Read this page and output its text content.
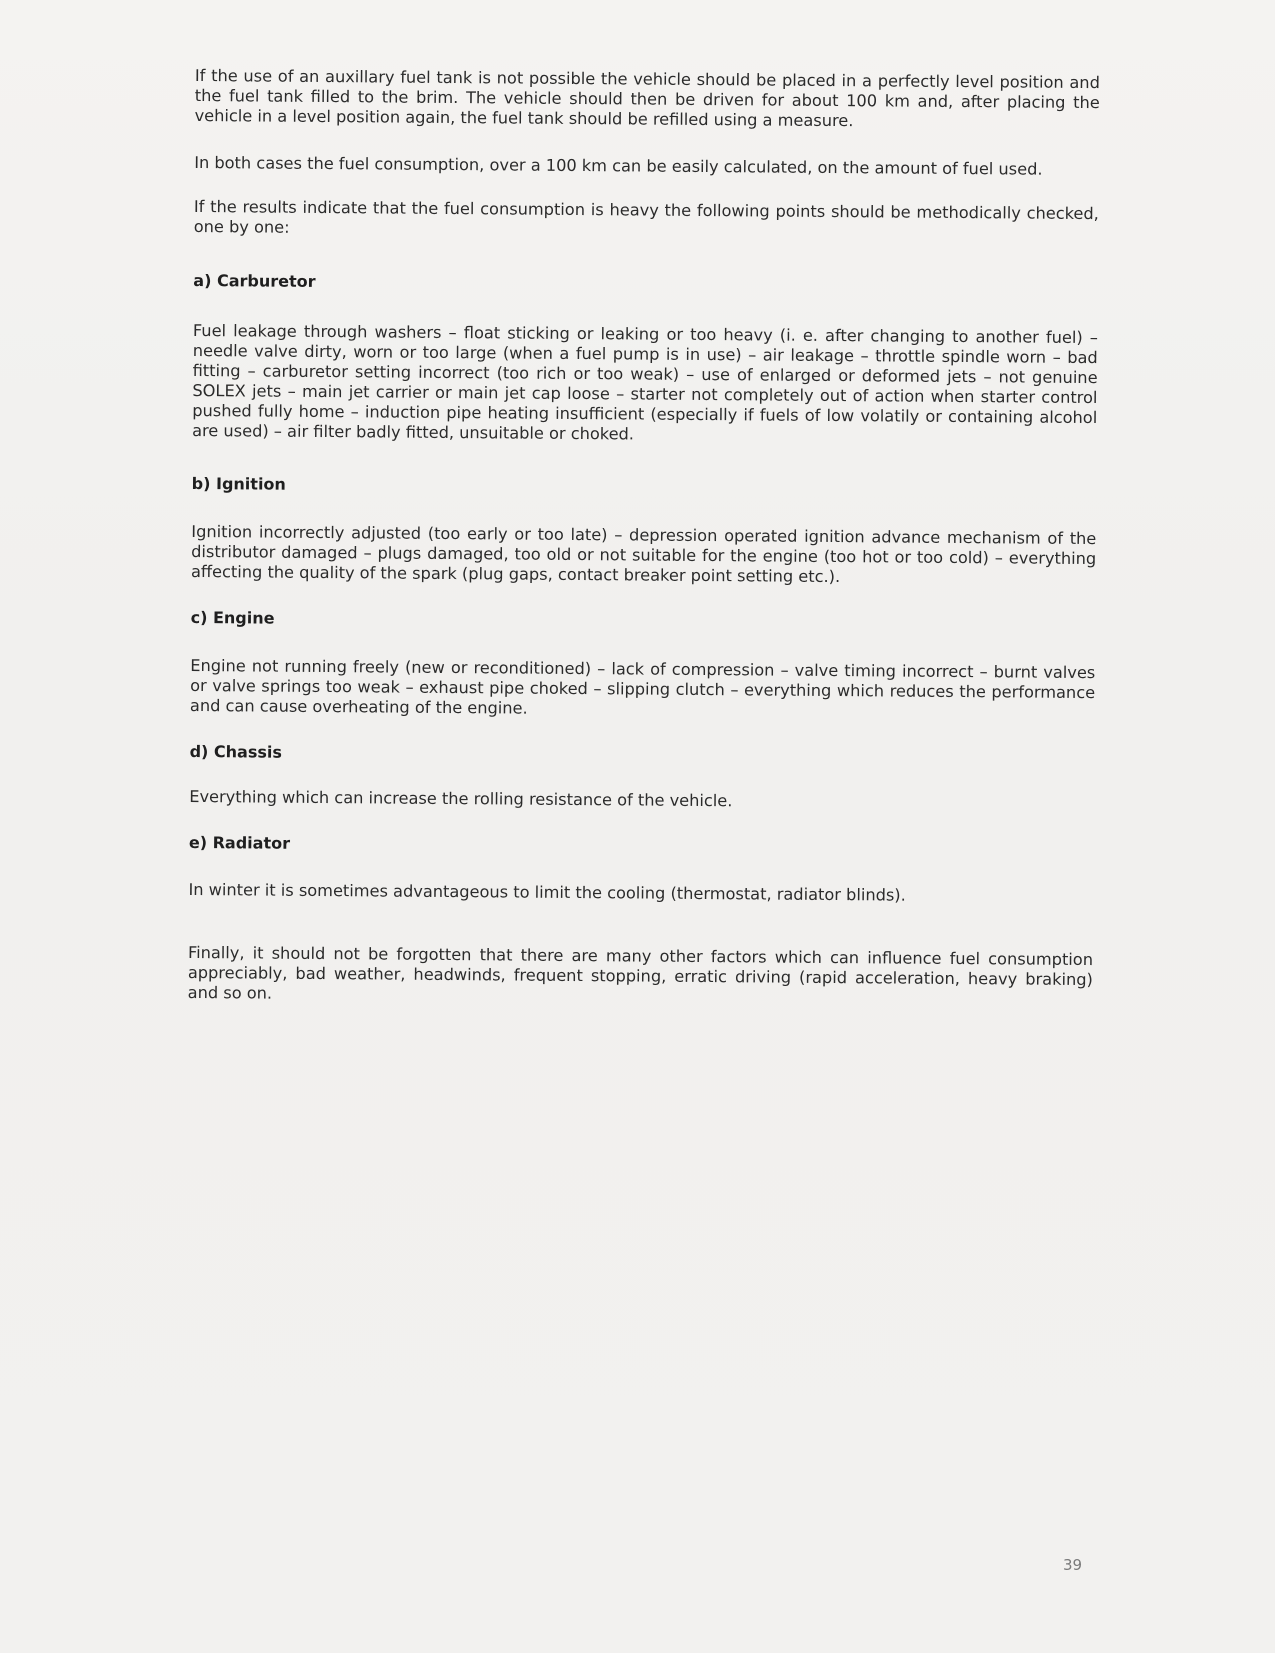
If the use of an auxillary fuel tank is not possible the vehicle should be placed in a perfectly level position and the fuel tank filled to the brim. The vehicle should then be driven for about 100 km and, after placing the vehicle in a level position again, the fuel tank should be refilled using a measure.

In both cases the fuel consumption, over a 100 km can be easily calculated, on the amount of fuel used.

If the results indicate that the fuel consumption is heavy the following points should be methodically checked, one by one:

a) Carburetor

Fuel leakage through washers – float sticking or leaking or too heavy (i. e. after changing to another fuel) – needle valve dirty, worn or too large (when a fuel pump is in use) – air leakage – throttle spindle worn – bad fitting – carburetor setting incorrect (too rich or too weak) – use of enlarged or deformed jets – not genuine SOLEX jets – main jet carrier or main jet cap loose – starter not completely out of action when starter control pushed fully home – induction pipe heating insufficient (especially if fuels of low volatily or containing alcohol are used) – air filter badly fitted, unsuitable or choked.

b) Ignition

Ignition incorrectly adjusted (too early or too late) – depression operated ignition advance mechanism of the distributor damaged – plugs damaged, too old or not suitable for the engine (too hot or too cold) – everything affecting the quality of the spark (plug gaps, contact breaker point setting etc.).

c) Engine

Engine not running freely (new or reconditioned) – lack of compression – valve timing incorrect – burnt valves or valve springs too weak – exhaust pipe choked – slipping clutch – everything which reduces the performance and can cause overheating of the engine.

d) Chassis

Everything which can increase the rolling resistance of the vehicle.

e) Radiator

In winter it is sometimes advantageous to limit the cooling (thermostat, radiator blinds).

Finally, it should not be forgotten that there are many other factors which can influence fuel consumption appreciably, bad weather, headwinds, frequent stopping, erratic driving (rapid acceleration, heavy braking) and so on.

39
